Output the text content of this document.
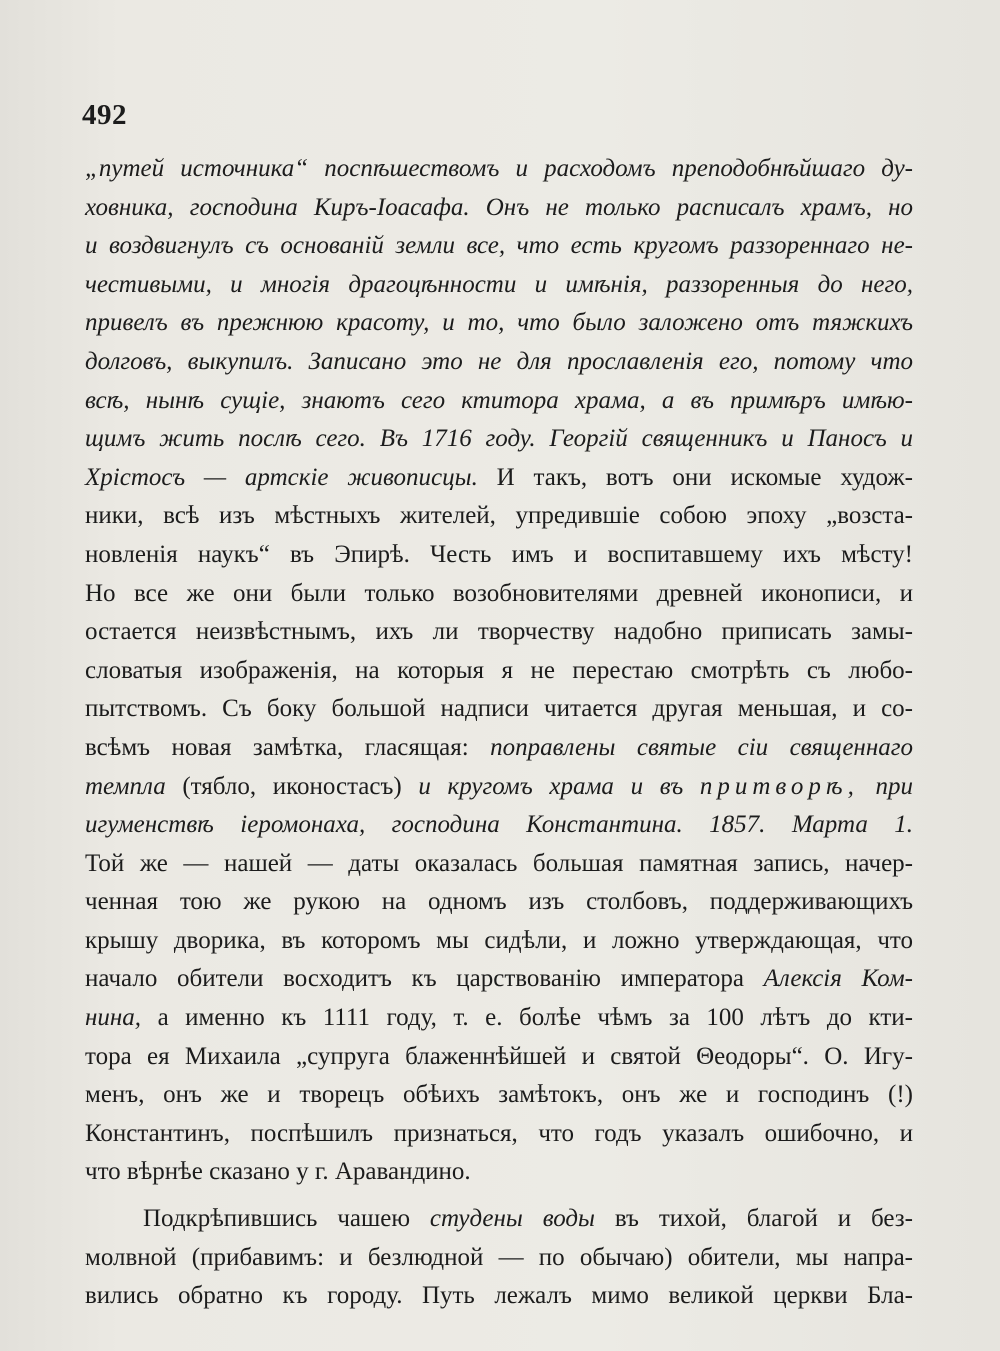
492
„путей источника“ поспѣшествомъ и расходомъ преподобнѣйшаго ду-
ховника, господина Киръ-Іоасафа. Онъ не только расписалъ храмъ, но
и воздвигнулъ съ основаній земли все, что есть кругомъ раззореннаго не-
честивыми, и многія драгоцѣнности и имѣнія, раззоренныя до него,
привелъ въ прежнюю красоту, и то, что было заложено отъ тяжкихъ
долговъ, выкупилъ. Записано это не для прославленія его, потому что
всѣ, нынѣ сущіе, знаютъ сего ктитора храма, а въ примѣръ имѣю-
щимъ жить послѣ сего. Въ 1716 году. Георгій священникъ и Паносъ и
Хрістосъ — артскіе живописцы. И такъ, вотъ они искомые худож-
ники, всѣ изъ мѣстныхъ жителей, упредившіе собою эпоху „возста-
новленія наукъ“ въ Эпирѣ. Честь имъ и воспитавшему ихъ мѣсту!
Но все же они были только возобновителями древней иконописи, и
остается неизвѣстнымъ, ихъ ли творчеству надобно приписать замы-
словатыя изображенія, на которыя я не перестаю смотрѣть съ любо-
пытствомъ. Съ боку большой надписи читается другая меньшая, и со-
всѣмъ новая замѣтка, гласящая: поправлены святые сіи священнаго
темпла (тябло, иконостасъ) и кругомъ храма и въ притворѣ, при
игуменствѣ іеромонаха, господина Константина. 1857. Марта 1.
Той же — нашей — даты оказалась большая памятная запись, начер-
ченная тою же рукою на одномъ изъ столбовъ, поддерживающихъ
крышу дворика, въ которомъ мы сидѣли, и ложно утверждающая, что
начало обители восходитъ къ царствованію императора Алексія Ком-
нина, а именно къ 1111 году, т. е. болѣе чѣмъ за 100 лѣтъ до кти-
тора ея Михаила „супруга блаженнѣйшей и святой Θеодоры“. О. Игу-
менъ, онъ же и творецъ обѣихъ замѣтокъ, онъ же и господинъ (!)
Константинъ, поспѣшилъ признаться, что годъ указалъ ошибочно, и
что вѣрнѣе сказано у г. Аравандино.
Подкрѣпившись чашею студены воды въ тихой, благой и без-
молвной (прибавимъ: и безлюдной — по обычаю) обители, мы напра-
вились обратно къ городу. Путь лежалъ мимо великой церкви Бла-
